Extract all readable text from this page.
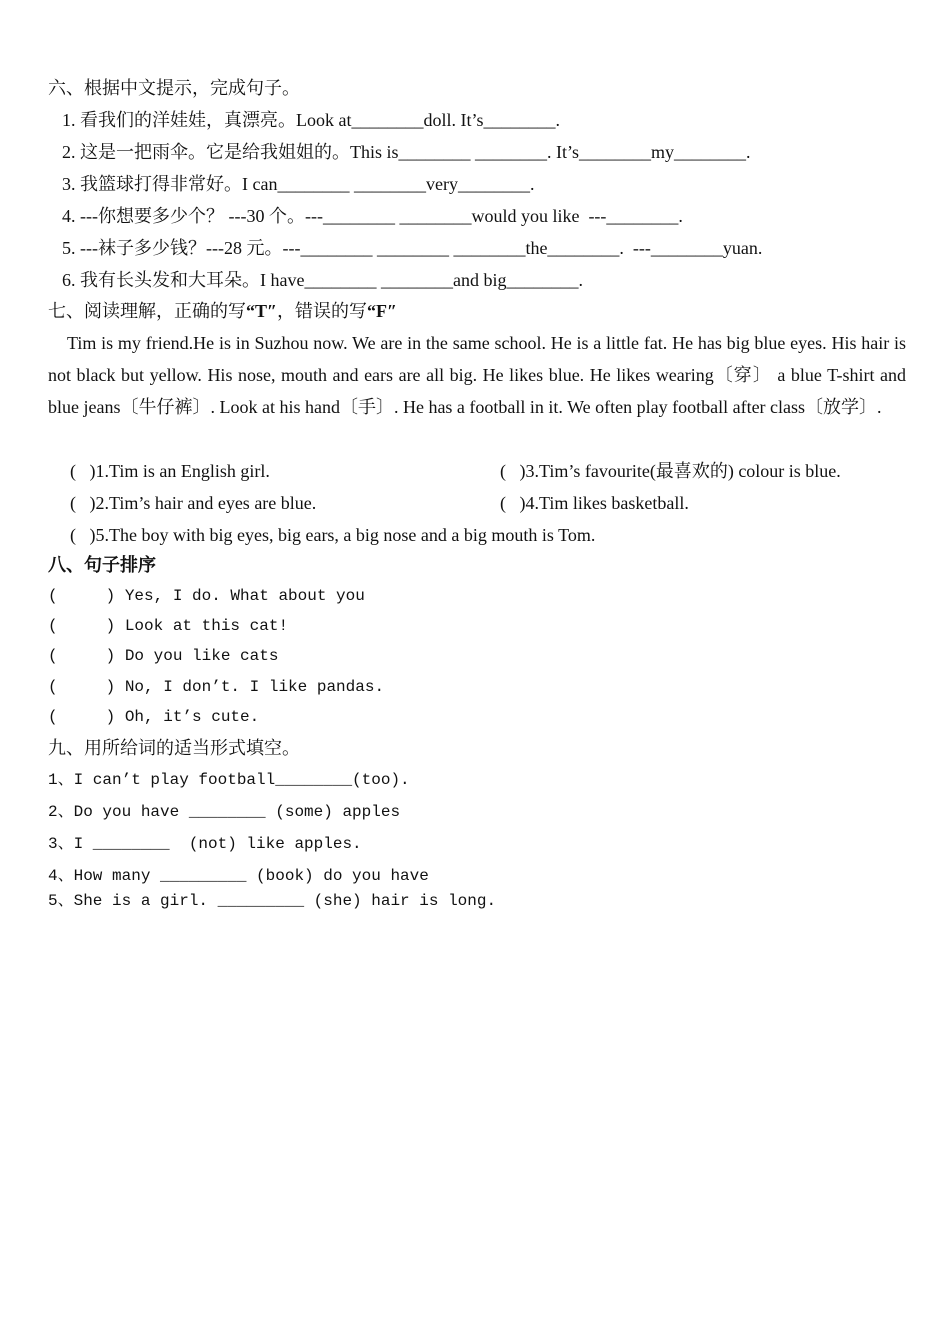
六、根据中文提示，完成句子。
1. 看我们的洋娃娃，真漂亮。Look at________doll. It’s________.
2. 这是一把雨伞。它是给我姐姐的。This is________ ________. It’s________my________.
3. 我篮球打得非常好。I can________ ________very________.
4. ---你想要多少个？ ---30 个。---________ ________would you like  ---________.
5. ---袜子多少钱？---28 元。---________ ________ ________the________.  ---________yuan.
6. 我有长头发和大耳朵。I have________ ________and big________.
七、阅读理解，正确的写“T″，错误的写“F″
Tim is my friend.He is in Suzhou now. We are in the same school. He is a little fat. He has big blue eyes. His hair is not black but yellow. His nose, mouth and ears are all big. He likes blue. He likes wearing〔穿〕 a blue T-shirt and blue jeans〔牛仔裤〕. Look at his hand〔手〕. He has a football in it. We often play football after class〔放学〕.
(   )1.Tim is an English girl.	(   )3.Tim’s favourite(最喜欢的) colour is blue.
(   )2.Tim’s hair and eyes are blue.	(   )4.Tim likes basketball.
(   )5.The boy with big eyes, big ears, a big nose and a big mouth is Tom.
八、句子排序
(     ) Yes, I do. What about you
(     ) Look at this cat!
(     ) Do you like cats
(     ) No, I don’t. I like pandas.
(     ) Oh, it’s cute.
九、用所给词的适当形式填空。
1、I can’t play football________(too).
2、Do you have ________ (some) apples
3、I ________  (not) like apples.
4、How many _________ (book) do you have
5、She is a girl. _________ (she) hair is long.
